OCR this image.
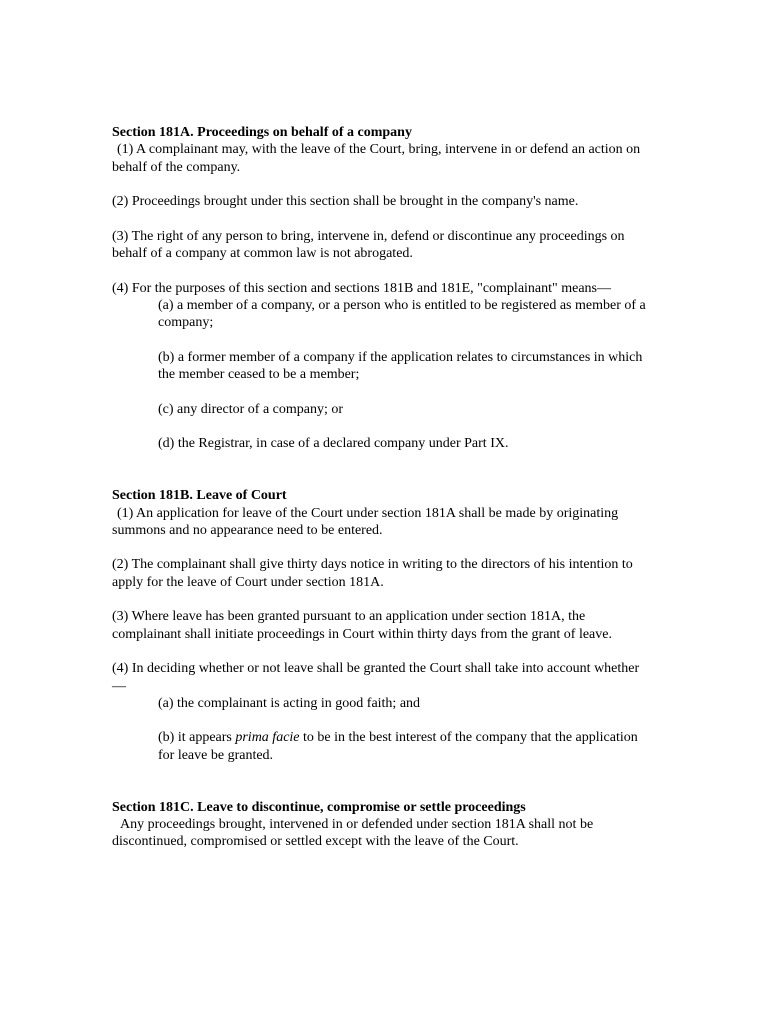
Section 181A. Proceedings on behalf of a company

(1) A complainant may, with the leave of the Court, bring, intervene in or defend an action on behalf of the company.

(2) Proceedings brought under this section shall be brought in the company's name.

(3) The right of any person to bring, intervene in, defend or discontinue any proceedings on behalf of a company at common law is not abrogated.

(4) For the purposes of this section and sections 181B and 181E, "complainant" means—

(a) a member of a company, or a person who is entitled to be registered as member of a company;

(b) a former member of a company if the application relates to circumstances in which the member ceased to be a member;

(c) any director of a company; or

(d) the Registrar, in case of a declared company under Part IX.

Section 181B. Leave of Court

(1) An application for leave of the Court under section 181A shall be made by originating summons and no appearance need to be entered.

(2) The complainant shall give thirty days notice in writing to the directors of his intention to apply for the leave of Court under section 181A.

(3) Where leave has been granted pursuant to an application under section 181A, the complainant shall initiate proceedings in Court within thirty days from the grant of leave.

(4) In deciding whether or not leave shall be granted the Court shall take into account whether—

(a) the complainant is acting in good faith; and

(b) it appears prima facie to be in the best interest of the company that the application for leave be granted.

Section 181C. Leave to discontinue, compromise or settle proceedings

Any proceedings brought, intervened in or defended under section 181A shall not be discontinued, compromised or settled except with the leave of the Court.
